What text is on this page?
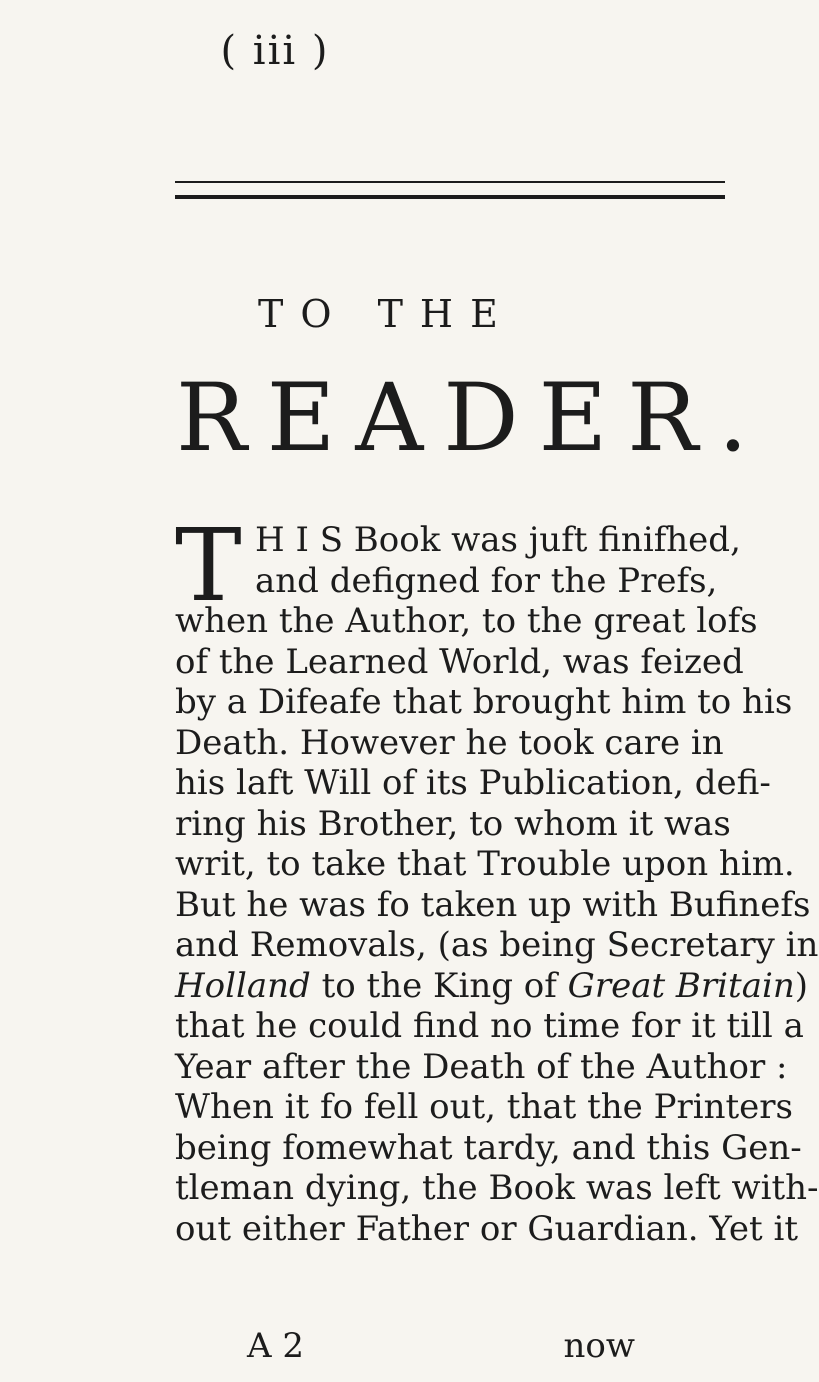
( iii )
TO THE
READER.
T H I S Book was juft finifhed,
and defigned for the Prefs,
when the Author, to the great lofs
of the Learned World, was feized
by a Difeafe that brought him to his
Death. However he took care in
his laft Will of its Publication, defi-
ring his Brother, to whom it was
writ, to take that Trouble upon him.
But he was fo taken up with Bufinefs
and Removals, (as being Secretary in
Holland to the King of Great Britain)
that he could find no time for it till a
Year after the Death of the Author :
When it fo fell out, that the Printers
being fomewhat tardy, and this Gen-
tleman dying, the Book was left with-
out either Father or Guardian. Yet it
A 2	now
